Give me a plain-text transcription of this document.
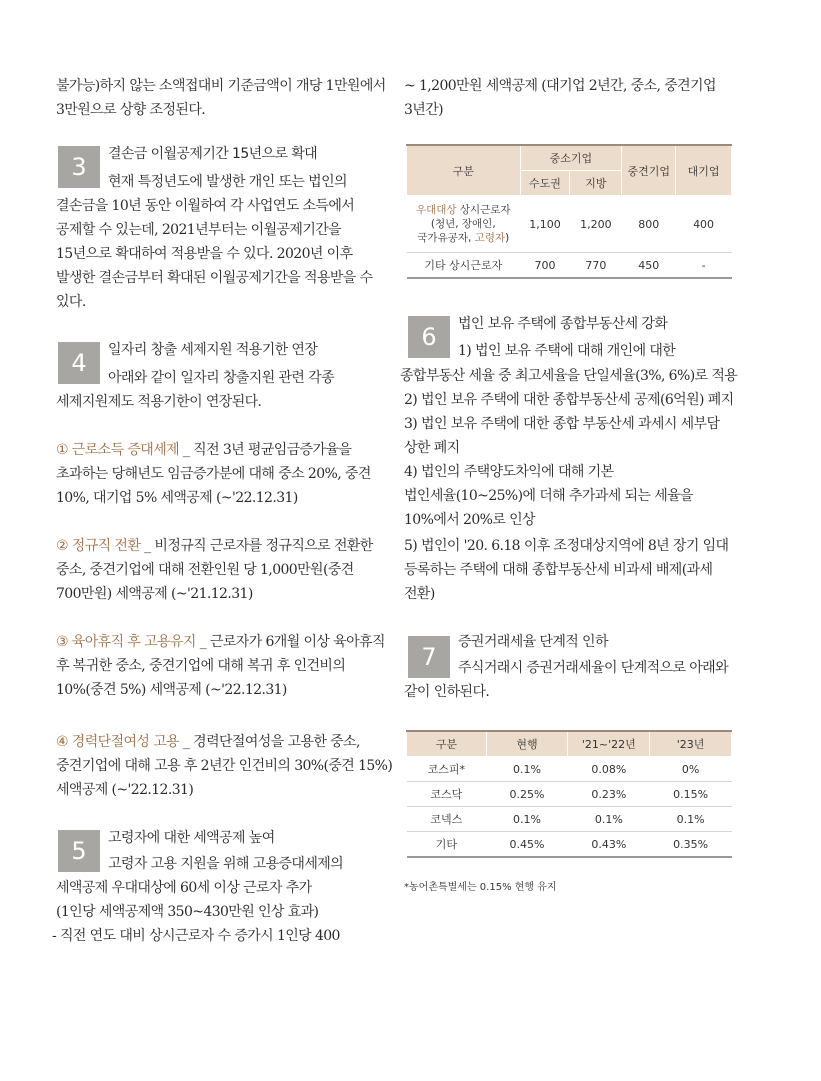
불가능)하지 않는 소액접대비 기준금액이 개당 1만원에서
3만원으로 상향 조정된다.
3	결손금 이월공제기간 15년으로 확대
현재 특정년도에 발생한 개인 또는 법인의
결손금을 10년 동안 이월하여 각 사업연도 소득에서
공제할 수 있는데, 2021년부터는 이월공제기간을
15년으로 확대하여 적용받을 수 있다. 2020년 이후
발생한 결손금부터 확대된 이월공제기간을 적용받을 수
있다.
4	일자리 창출 세제지원 적용기한 연장
아래와 같이 일자리 창출지원 관련 각종
세제지원제도 적용기한이 연장된다.
① 근로소득 증대세제 _ 직전 3년 평균임금증가율을
초과하는 당해년도 임금증가분에 대해 중소 20%, 중견
10%, 대기업 5% 세액공제 (~'22.12.31)
② 정규직 전환 _ 비정규직 근로자를 정규직으로 전환한
중소, 중견기업에 대해 전환인원 당 1,000만원(중견
700만원) 세액공제 (~'21.12.31)
③ 육아휴직 후 고용유지 _ 근로자가 6개월 이상 육아휴직
후 복귀한 중소, 중견기업에 대해 복귀 후 인건비의
10%(중견 5%) 세액공제 (~'22.12.31)
④ 경력단절여성 고용 _ 경력단절여성을 고용한 중소,
중견기업에 대해 고용 후 2년간 인건비의 30%(중견 15%)
세액공제 (~'22.12.31)
5	고령자에 대한 세액공제 높여
고령자 고용 지원을 위해 고용증대세제의
세액공제 우대대상에 60세 이상 근로자 추가
(1인당 세액공제액 350~430만원 인상 효과)
- 직전 연도 대비 상시근로자 수 증가시 1인당 400
~ 1,200만원 세액공제 (대기업 2년간, 중소, 중견기업
3년간)
구분	중소기업		중견기업	대기업
	수도권	지방		
우대대상 상시근로자
(청년, 장애인,
국가유공자, 고령자)	1,100	1,200	800	400
기타 상시근로자	700	770	450	-
6	법인 보유 주택에 종합부동산세 강화
1) 법인 보유 주택에 대해 개인에 대한
종합부동산 세율 중 최고세율을 단일세율(3%, 6%)로 적용
2) 법인 보유 주택에 대한 종합부동산세 공제(6억원) 폐지
3) 법인 보유 주택에 대한 종합 부동산세 과세시 세부담
상한 폐지
4) 법인의 주택양도차익에 대해 기본
법인세율(10~25%)에 더해 추가과세 되는 세율을
10%에서 20%로 인상
5) 법인이 '20. 6.18 이후 조정대상지역에 8년 장기 임대
등록하는 주택에 대해 종합부동산세 비과세 배제(과세
전환)
7
증권거래세율 단계적 인하
주식거래시 증권거래세율이 단계적으로 아래와
같이 인하된다.
구분	현행	'21~'22년	'23년
코스피*	0.1%	0.08%	0%
코스닥	0.25%	0.23%	0.15%
코넥스	0.1%	0.1%	0.1%
기타	0.45%	0.43%	0.35%
*농어촌특별세는 0.15% 현행 유지
